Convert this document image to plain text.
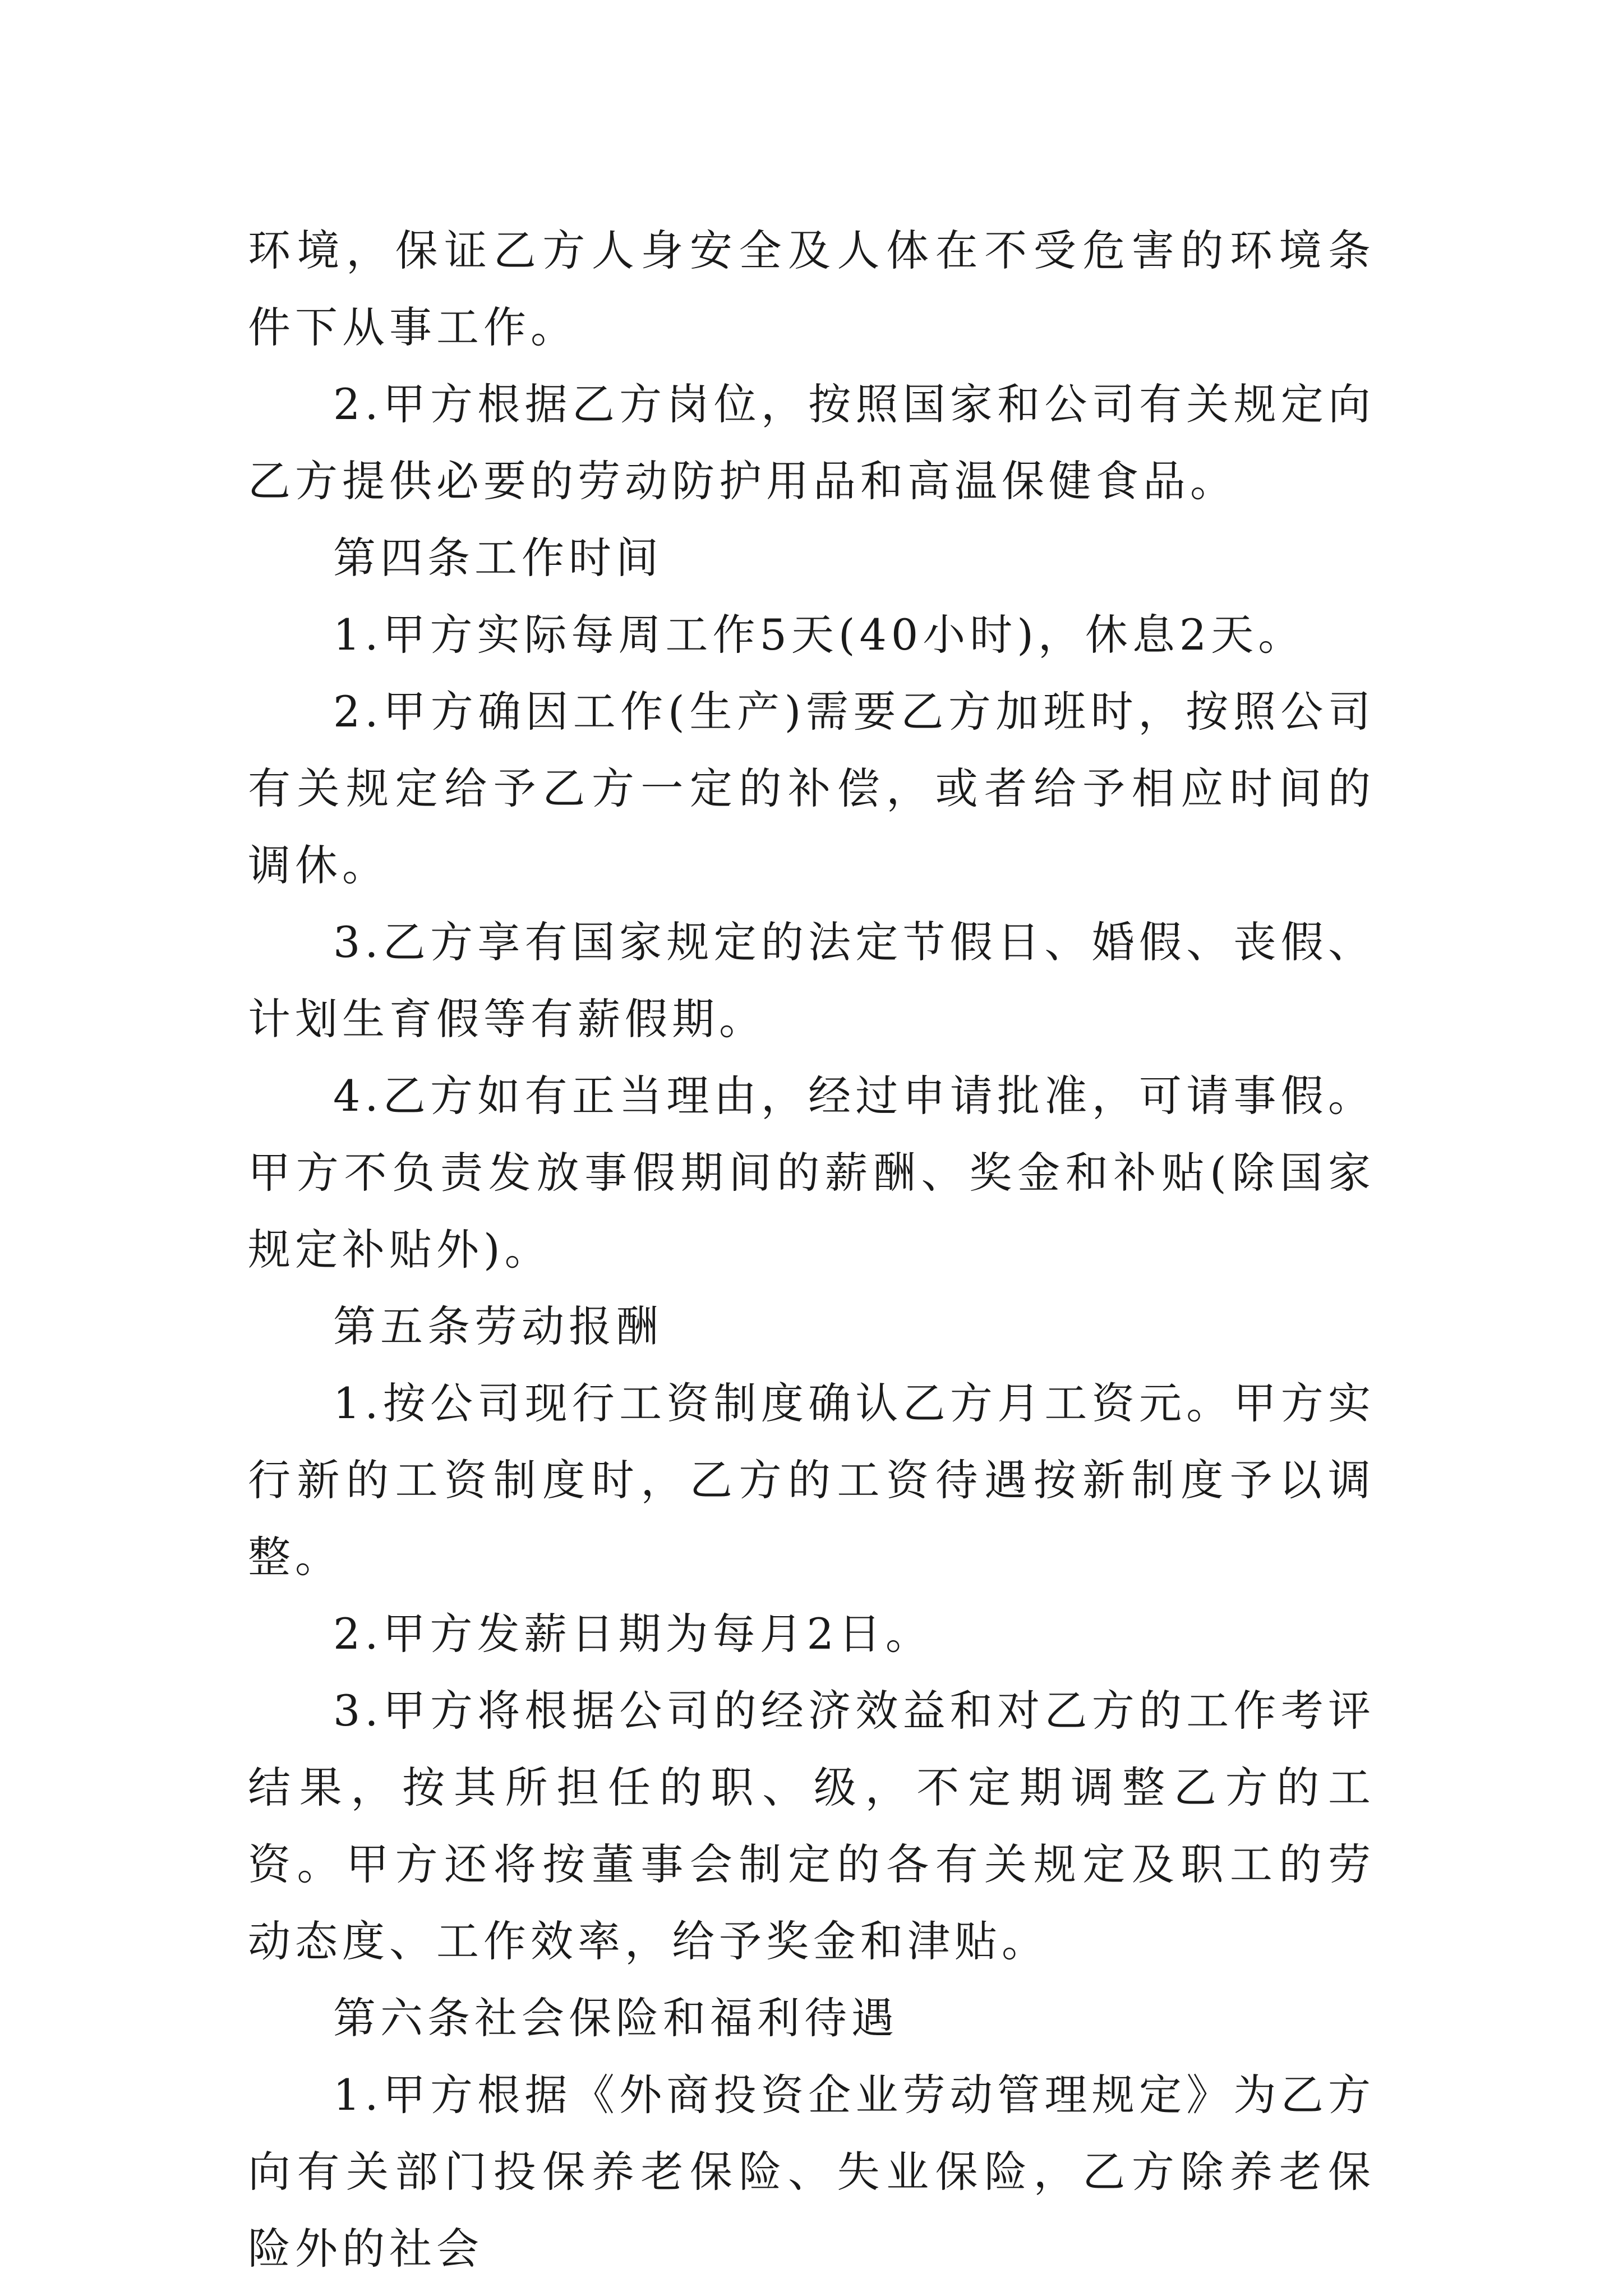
环境，保证乙方人身安全及人体在不受危害的环境条件下从事工作。

2.甲方根据乙方岗位，按照国家和公司有关规定向乙方提供必要的劳动防护用品和高温保健食品。

第四条工作时间

1.甲方实际每周工作5天(40小时)，休息2天。

2.甲方确因工作(生产)需要乙方加班时，按照公司有关规定给予乙方一定的补偿，或者给予相应时间的调休。

3.乙方享有国家规定的法定节假日、婚假、丧假、计划生育假等有薪假期。

4.乙方如有正当理由，经过申请批准，可请事假。甲方不负责发放事假期间的薪酬、奖金和补贴(除国家规定补贴外)。

第五条劳动报酬

1.按公司现行工资制度确认乙方月工资元。甲方实行新的工资制度时，乙方的工资待遇按新制度予以调整。

2.甲方发薪日期为每月2日。

3.甲方将根据公司的经济效益和对乙方的工作考评结果，按其所担任的职、级，不定期调整乙方的工资。甲方还将按董事会制定的各有关规定及职工的劳动态度、工作效率，给予奖金和津贴。

第六条社会保险和福利待遇

1.甲方根据《外商投资企业劳动管理规定》为乙方向有关部门投保养老保险、失业保险，乙方除养老保险外的社会
